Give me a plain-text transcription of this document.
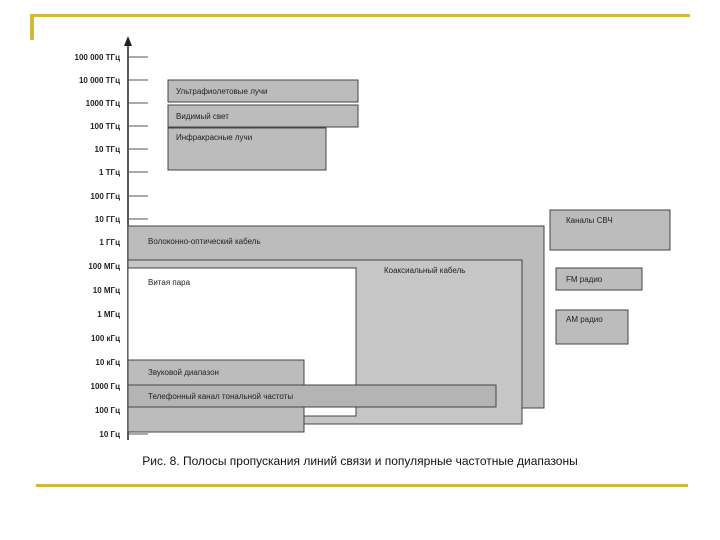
100 000 ТГц
10 000 ТГц
1000 ТГц
100 ТГц
10 ТГц
1 ТГц
100 ГГц
10 ГГц
1 ГГц
100 МГц
10 МГц
1 МГц
100 кГц
10 кГц
1000 Гц
100 Гц
10 Гц
Ультрафиолетовые лучи
Видимый свет
Инфракрасные лучи
Волоконно-оптический кабель
Коаксиальный кабель
Витая пара
Звуковой диапазон
Телефонный канал тональной частоты
Каналы СВЧ
FM радио
AM радио
Рис. 8. Полосы пропускания линий связи и популярные частотные диапазоны
